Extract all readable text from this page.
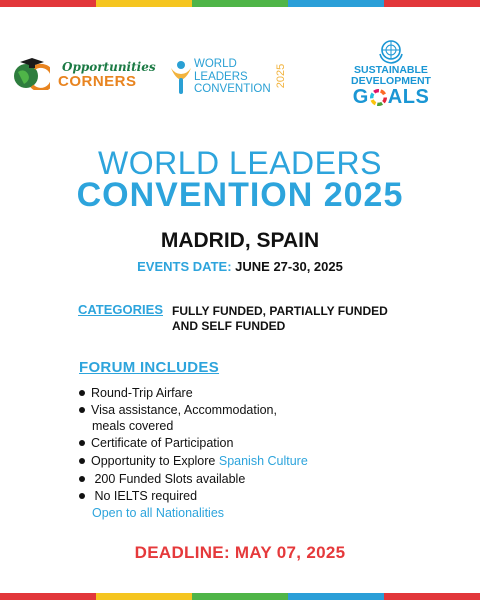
Opportunities
CORNERS
WORLD
LEADERS
CONVENTION
2025	SUSTAINABLE
DEVELOPMENT
G ALS
WORLD LEADERS
CONVENTION 2025
MADRID, SPAIN
EVENTS DATE: JUNE 27-30, 2025
CATEGORIES FULLY FUNDED, PARTIALLY FUNDED
AND SELF FUNDED
FORUM INCLUDES
Round-Trip Airfare
Visa assistance, Accommodation,
meals covered
Certificate of Participation
Opportunity to Explore Spanish Culture
200 Funded Slots available
No IELTS required
Open to all Nationalities
DEADLINE: MAY 07, 2025
